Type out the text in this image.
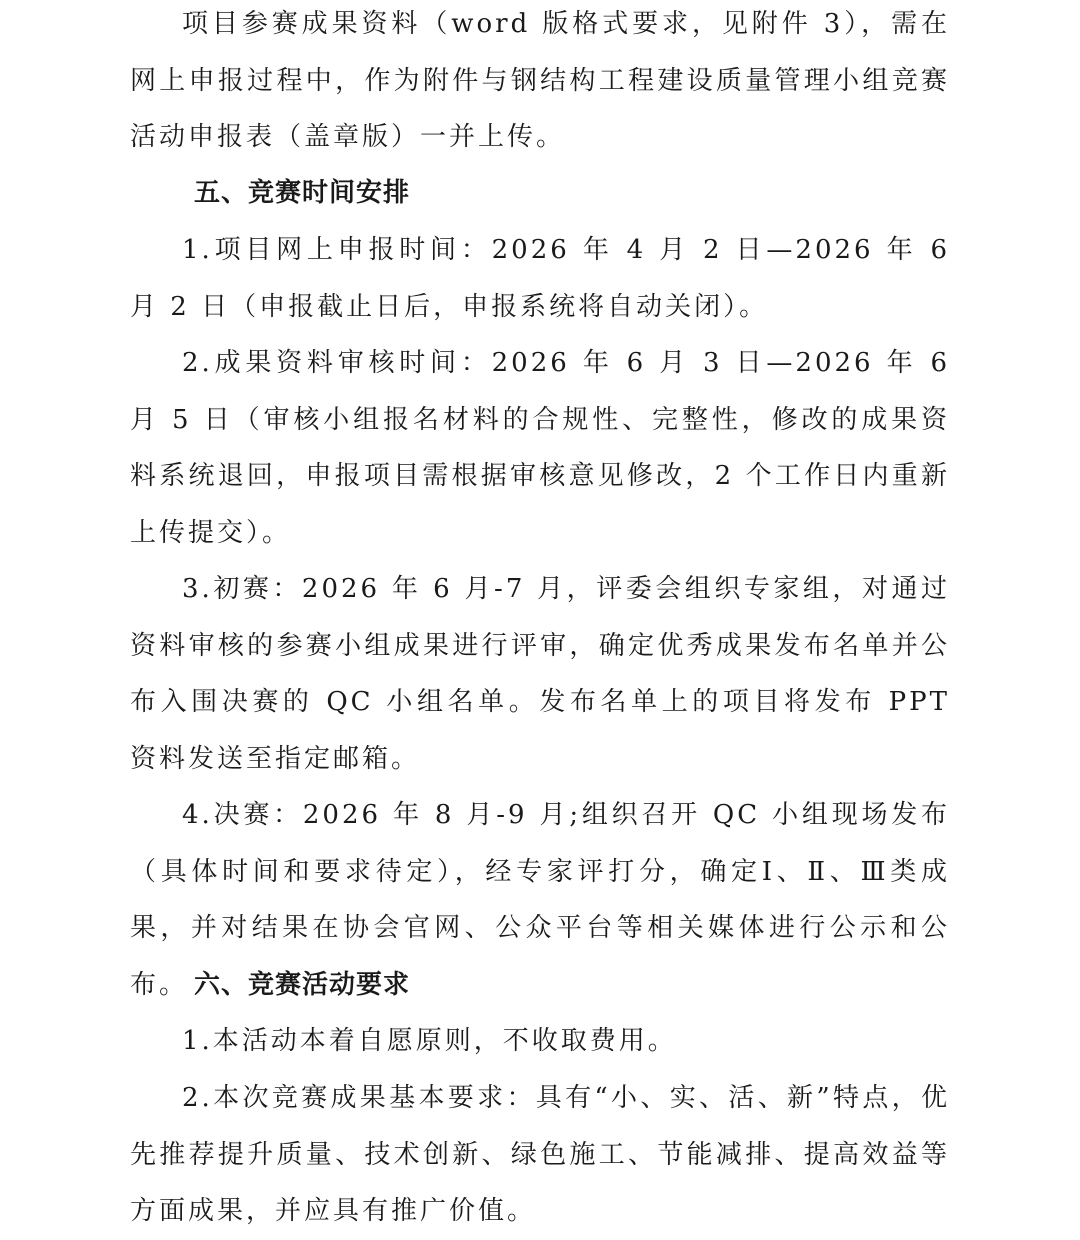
项目参赛成果资料（word 版格式要求，见附件 3），需在网上申报过程中，作为附件与钢结构工程建设质量管理小组竞赛活动申报表（盖章版）一并上传。

五、竞赛时间安排

1.项目网上申报时间：2026 年 4 月 2 日—2026 年 6 月 2 日（申报截止日后，申报系统将自动关闭）。

2.成果资料审核时间：2026 年 6 月 3 日—2026 年 6 月 5 日（审核小组报名材料的合规性、完整性，修改的成果资料系统退回，申报项目需根据审核意见修改，2 个工作日内重新上传提交）。

3.初赛：2026 年 6 月-7 月，评委会组织专家组，对通过资料审核的参赛小组成果进行评审，确定优秀成果发布名单并公布入围决赛的 QC 小组名单。发布名单上的项目将发布 PPT 资料发送至指定邮箱。

4.决赛：2026 年 8 月-9 月;组织召开 QC 小组现场发布（具体时间和要求待定），经专家评打分，确定Ⅰ、Ⅱ、Ⅲ类成果，并对结果在协会官网、公众平台等相关媒体进行公示和公布。 六、竞赛活动要求

1.本活动本着自愿原则，不收取费用。

2.本次竞赛成果基本要求：具有“小、实、活、新”特点，优先推荐提升质量、技术创新、绿色施工、节能减排、提高效益等方面成果，并应具有推广价值。
